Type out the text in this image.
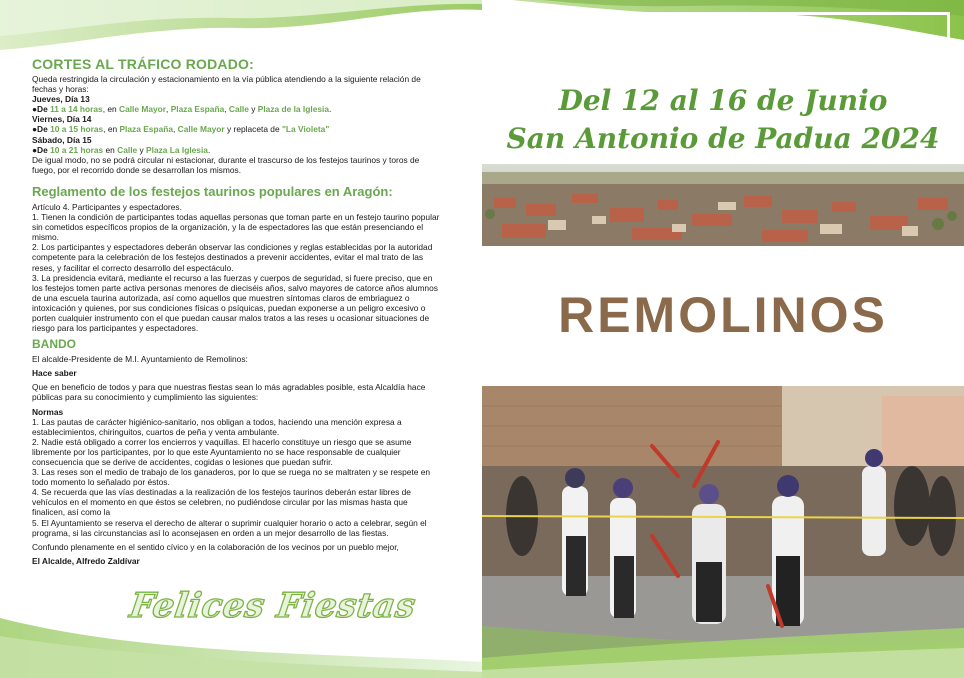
CORTES AL TRÁFICO RODADO:

Queda restringida la circulación y estacionamiento en la vía pública atendiendo a la siguiente relación de fechas y horas:

Jueves, Día 13

●De 11 a 14 horas, en Calle Mayor, Plaza España, Calle y Plaza de la Iglesia.

Viernes, Día 14

●De 10 a 15 horas, en Plaza España, Calle Mayor y replaceta de "La Violeta"

Sábado, Día 15

●De 10 a 21 horas en Calle y Plaza La Iglesia.

De igual modo, no se podrá circular ni estacionar, durante el trascurso de los festejos taurinos y toros de fuego, por el recorrido donde se desarrollan los mismos.

Reglamento de los festejos taurinos populares en Aragón:

Artículo 4. Participantes y espectadores.

1. Tienen la condición de participantes todas aquellas personas que toman parte en un festejo taurino popular sin cometidos específicos propios de la organización, y la de espectadores las que están presenciando el mismo.

2. Los participantes y espectadores deberán observar las condiciones y reglas establecidas por la autoridad competente para la celebración de los festejos destinados a prevenir accidentes, evitar el mal trato de las reses, y facilitar el correcto desarrollo del espectáculo.

3. La presidencia evitará, mediante el recurso a las fuerzas y cuerpos de seguridad, si fuere preciso, que en los festejos tomen parte activa personas menores de dieciséis años, salvo mayores de catorce años alumnos de una escuela taurina autorizada, así como aquellos que muestren síntomas claros de embriaguez o intoxicación y quienes, por sus condiciones físicas o psíquicas, puedan exponerse a un peligro excesivo o porten cualquier instrumento con el que puedan causar malos tratos a las reses u ocasionar situaciones de riesgo para los participantes y espectadores.

BANDO

El alcalde-Presidente de M.I. Ayuntamiento de Remolinos:

Hace saber

Que en beneficio de todos y para que nuestras fiestas sean lo más agradables posible, esta Alcaldía hace públicas para su conocimiento y cumplimiento las siguientes:

Normas

1. Las pautas de carácter higiénico-sanitario, nos obligan a todos, haciendo una mención expresa a establecimientos, chiringuitos, cuartos de peña y venta ambulante.

2. Nadie está obligado a correr los encierros y vaquillas. El hacerlo constituye un riesgo que se asume libremente por los participantes, por lo que este Ayuntamiento no se hace responsable de cualquier consecuencia que se derive de accidentes, cogidas o lesiones que puedan sufrir.

3. Las reses son el medio de trabajo de los ganaderos, por lo que se ruega no se maltraten y se respete en todo momento lo señalado por éstos.

4. Se recuerda que las vías destinadas a la realización de los festejos taurinos deberán estar libres de vehículos en el momento en que éstos se celebren, no pudiéndose circular por las mismas hasta que finalicen, así como la

5. El Ayuntamiento se reserva el derecho de alterar o suprimir cualquier horario o acto a celebrar, según el programa, si las circunstancias así lo aconsejasen en orden a un mejor desarrollo de las fiestas.

Confundo plenamente en el sentido cívico y en la colaboración de los vecinos por un pueblo mejor,

El Alcalde, Alfredo Zaldívar

Felices Fiestas
Del 12 al 16 de Junio
San Antonio de Padua 2024
REMOLINOS
